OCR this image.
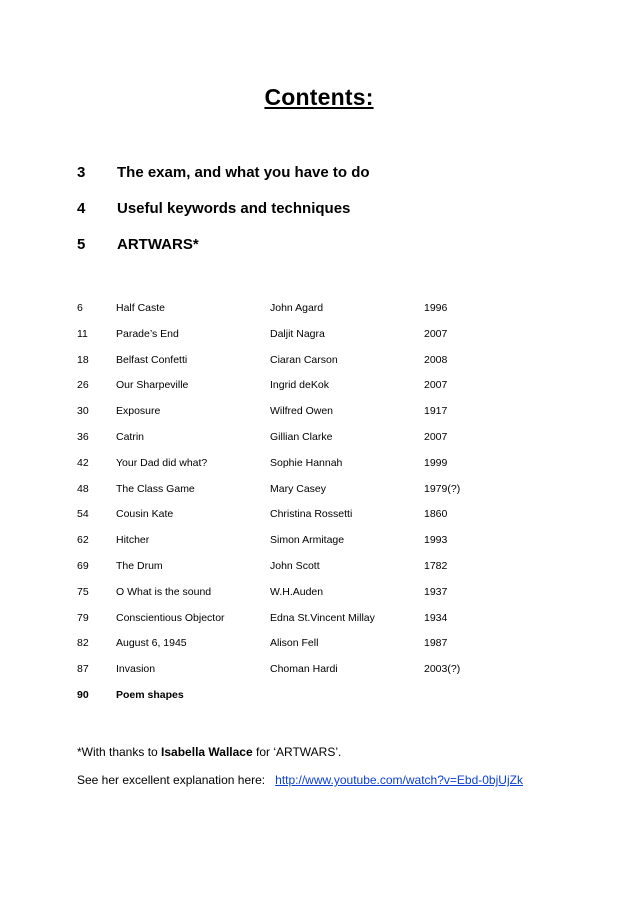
Contents:
3	The exam, and what you have to do
4	Useful keywords and techniques
5	ARTWARS*
6	Half Caste	John Agard	1996
11	Parade’s End	Daljit Nagra	2007
18	Belfast Confetti	Ciaran Carson	2008
26	Our Sharpeville	Ingrid deKok	2007
30	Exposure	Wilfred Owen	1917
36	Catrin	Gillian Clarke	2007
42	Your Dad did what?	Sophie Hannah	1999
48	The Class Game	Mary Casey	1979(?)
54	Cousin Kate	Christina Rossetti	1860
62	Hitcher	Simon Armitage	1993
69	The Drum	John Scott	1782
75	O What is the sound	W.H.Auden	1937
79	Conscientious Objector	Edna St.Vincent Millay	1934
82	August 6, 1945	Alison Fell	1987
87	Invasion	Choman Hardi	2003(?)
90	Poem shapes
*With thanks to Isabella Wallace for ‘ARTWARS’.
See her excellent explanation here: http://www.youtube.com/watch?v=Ebd-0bjUjZk
